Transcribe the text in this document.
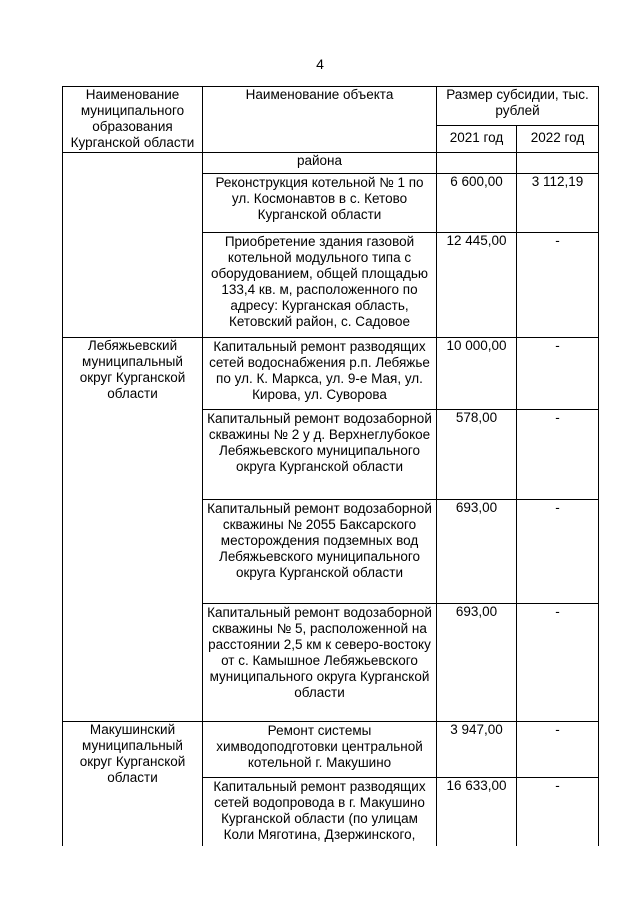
4
Наименование муниципального образования Курганской области	Наименование объекта	Размер субсидии, тыс. рублей	
		2021 год	2022 год
	района		
	Реконструкция котельной № 1 по ул. Космонавтов в с. Кетово Курганской области	6 600,00	3 112,19
	Приобретение здания газовой котельной модульного типа с оборудованием, общей площадью 133,4 кв. м, расположенного по адресу: Курганская область, Кетовский район, с. Садовое	12 445,00	-
Лебяжьевский муниципальный округ Курганской области	Капитальный ремонт разводящих сетей водоснабжения р.п. Лебяжье по ул. К. Маркса, ул. 9-е Мая, ул. Кирова, ул. Суворова	10 000,00	-
	Капитальный ремонт водозаборной скважины № 2 у д. Верхнеглубокое Лебяжьевского муниципального округа Курганской области	578,00	-
	Капитальный ремонт водозаборной скважины № 2055 Баксарского месторождения подземных вод Лебяжьевского муниципального округа Курганской области	693,00	-
	Капитальный ремонт водозаборной скважины № 5, расположенной на расстоянии 2,5 км к северо-востоку от с. Камышное Лебяжьевского муниципального округа Курганской области	693,00	-
Макушинский муниципальный округ Курганской области	Ремонт системы химводоподготовки центральной котельной г. Макушино	3 947,00	-
	Капитальный ремонт разводящих сетей водопровода в г. Макушино Курганской области (по улицам Коли Мяготина, Дзержинского,	16 633,00	-
